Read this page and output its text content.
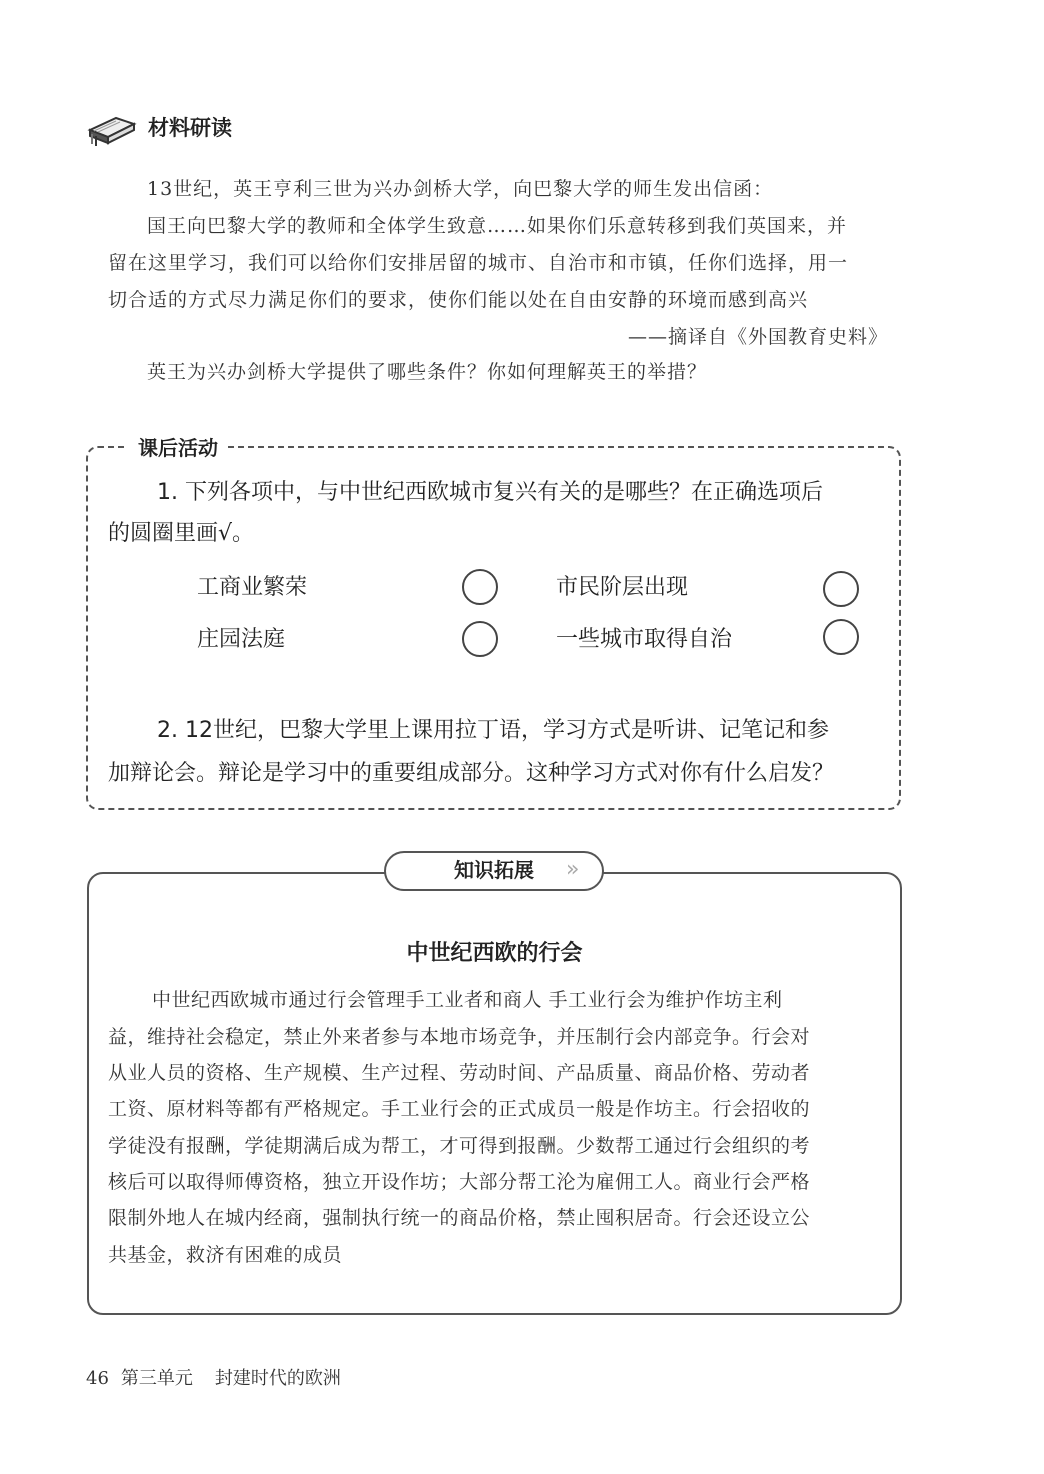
材料研读
13世纪，英王亨利三世为兴办剑桥大学，向巴黎大学的师生发出信函：
国王向巴黎大学的教师和全体学生致意……如果你们乐意转移到我们英国来，并
留在这里学习，我们可以给你们安排居留的城市、自治市和市镇，任你们选择，用一
切合适的方式尽力满足你们的要求，使你们能以处在自由安静的环境而感到高兴
——摘译自《外国教育史料》
英王为兴办剑桥大学提供了哪些条件？你如何理解英王的举措？
课后活动
1. 下列各项中，与中世纪西欧城市复兴有关的是哪些？在正确选项后
的圆圈里画√。
工商业繁荣	市民阶层出现
庄园法庭	一些城市取得自治
2. 12世纪，巴黎大学里上课用拉丁语，学习方式是听讲、记笔记和参
加辩论会。辩论是学习中的重要组成部分。这种学习方式对你有什么启发？
知识拓展	»
中世纪西欧的行会
中世纪西欧城市通过行会管理手工业者和商人 手工业行会为维护作坊主利
益，维持社会稳定，禁止外来者参与本地市场竞争，并压制行会内部竞争。行会对
从业人员的资格、生产规模、生产过程、劳动时间、产品质量、商品价格、劳动者
工资、原材料等都有严格规定。手工业行会的正式成员一般是作坊主。行会招收的
学徒没有报酬，学徒期满后成为帮工，才可得到报酬。少数帮工通过行会组织的考
核后可以取得师傅资格，独立开设作坊；大部分帮工沦为雇佣工人。商业行会严格
限制外地人在城内经商，强制执行统一的商品价格，禁止囤积居奇。行会还设立公
共基金，救济有困难的成员
46 第三单元 封建时代的欧洲
